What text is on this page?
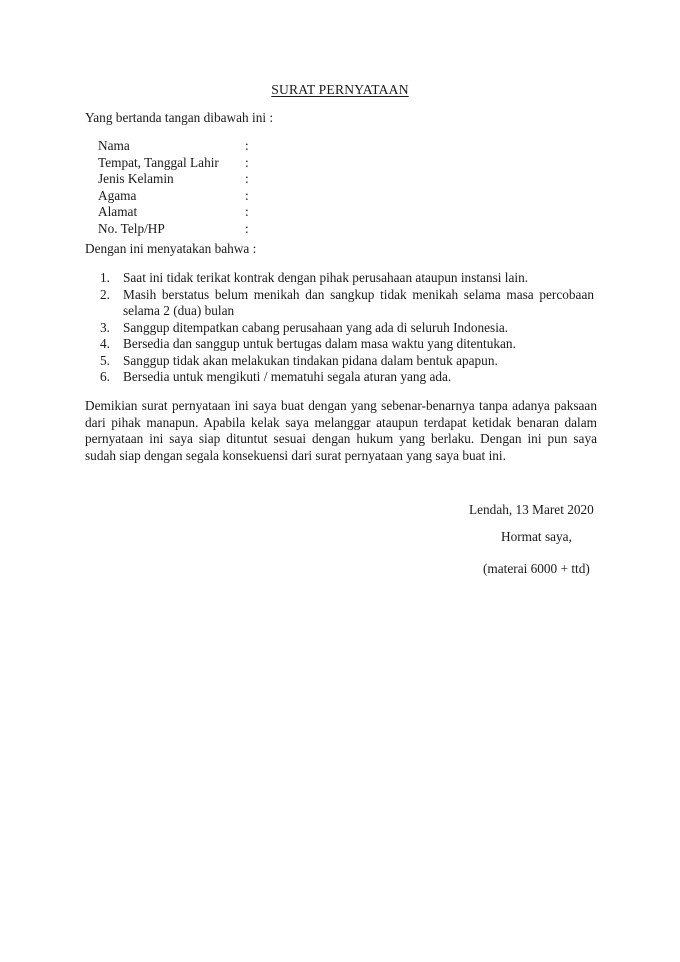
SURAT PERNYATAAN
Yang bertanda tangan dibawah ini :
Nama	:
Tempat, Tanggal Lahir	:
Jenis Kelamin	:
Agama	:
Alamat	:
No. Telp/HP	:
Dengan ini menyatakan bahwa :
1. Saat ini tidak terikat kontrak dengan pihak perusahaan ataupun instansi lain.
2. Masih berstatus belum menikah dan sangkup tidak menikah selama masa percobaan selama 2 (dua) bulan
3. Sanggup ditempatkan cabang perusahaan yang ada di seluruh Indonesia.
4. Bersedia dan sanggup untuk bertugas dalam masa waktu yang ditentukan.
5. Sanggup tidak akan melakukan tindakan pidana dalam bentuk apapun.
6. Bersedia untuk mengikuti / mematuhi segala aturan yang ada.

Demikian surat pernyataan ini saya buat dengan yang sebenar-benarnya tanpa adanya paksaan dari pihak manapun. Apabila kelak saya melanggar ataupun terdapat ketidak benaran dalam pernyataan ini saya siap dituntut sesuai dengan hukum yang berlaku. Dengan ini pun saya sudah siap dengan segala konsekuensi dari surat pernyataan yang saya buat ini.

Lendah, 13 Maret 2020
Hormat saya,
(materai 6000 + ttd)
